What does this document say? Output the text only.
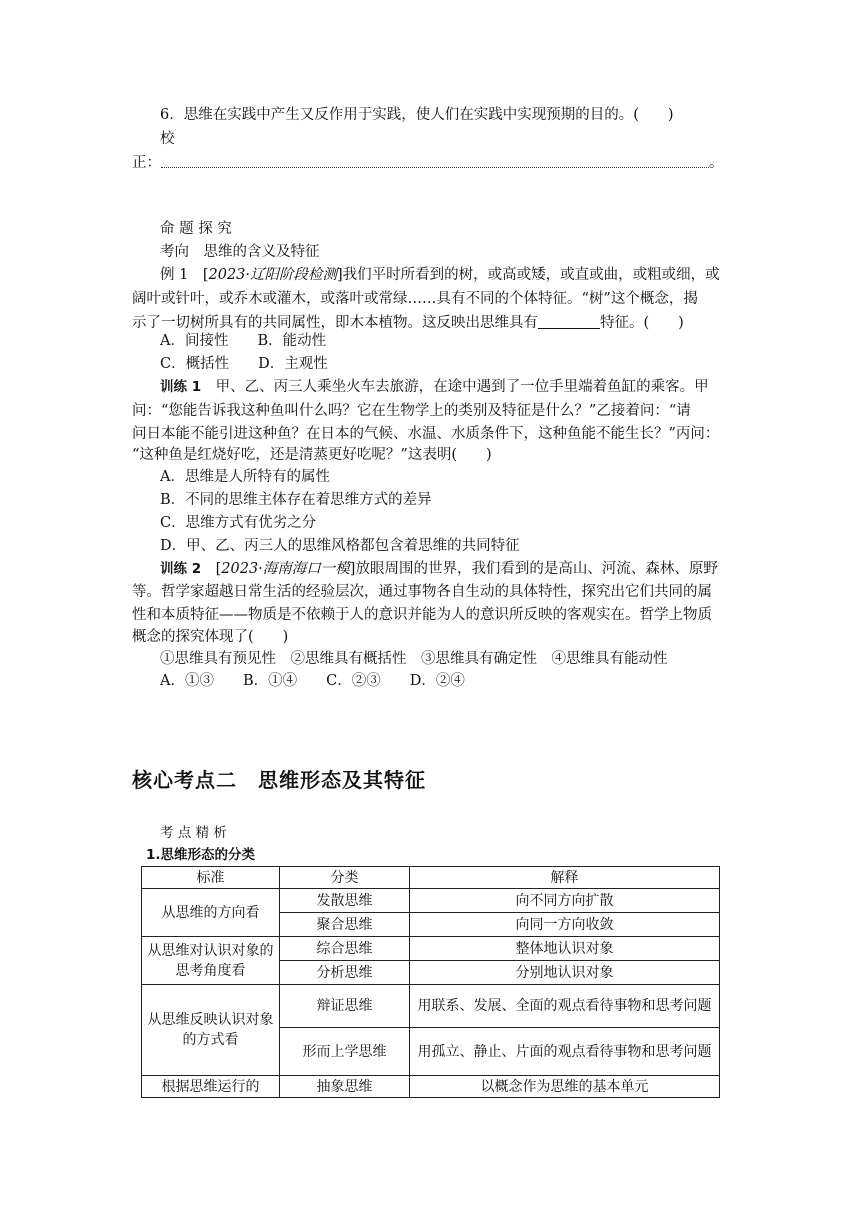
6．思维在实践中产生又反作用于实践，使人们在实践中实现预期的目的。(　　)
校
正：	。
命 题 探 究
考向　思维的含义及特征
例 1　[2023·辽阳阶段检测]我们平时所看到的树，或高或矮，或直或曲，或粗或细，或
阔叶或针叶，或乔木或灌木，或落叶或常绿……具有不同的个体特征。“树”这个概念，揭
示了一切树所具有的共同属性，即木本植物。这反映出思维具有	特征。(　　)
A．间接性　　B．能动性
C．概括性　　D．主观性
训练 1　甲、乙、丙三人乘坐火车去旅游，在途中遇到了一位手里端着鱼缸的乘客。甲
问：“您能告诉我这种鱼叫什么吗？它在生物学上的类别及特征是什么？”乙接着问：“请
问日本能不能引进这种鱼？在日本的气候、水温、水质条件下，这种鱼能不能生长？”丙问：
“这种鱼是红烧好吃，还是清蒸更好吃呢？”这表明(　　)
A．思维是人所特有的属性
B．不同的思维主体存在着思维方式的差异
C．思维方式有优劣之分
D．甲、乙、丙三人的思维风格都包含着思维的共同特征
训练 2　[2023·海南海口一模]放眼周围的世界，我们看到的是高山、河流、森林、原野
等。哲学家超越日常生活的经验层次，通过事物各自生动的具体特性，探究出它们共同的属
性和本质特征——物质是不依赖于人的意识并能为人的意识所反映的客观实在。哲学上物质
概念的探究体现了(　　)
①思维具有预见性　②思维具有概括性　③思维具有确定性　④思维具有能动性
A．①③　　B．①④　　C．②③　　D．②④
核心考点二　思维形态及其特征
考 点 精 析
1.思维形态的分类
标准	分类	解释
从思维的方向看	发散思维	向不同方向扩散
	聚合思维	向同一方向收敛
从思维对认识对象的思考角度看	综合思维	整体地认识对象
	分析思维	分别地认识对象
从思维反映认识对象的方式看	辩证思维	用联系、发展、全面的观点看待事物和思考问题
	形而上学思维	用孤立、静止、片面的观点看待事物和思考问题
根据思维运行的	抽象思维	以概念作为思维的基本单元
